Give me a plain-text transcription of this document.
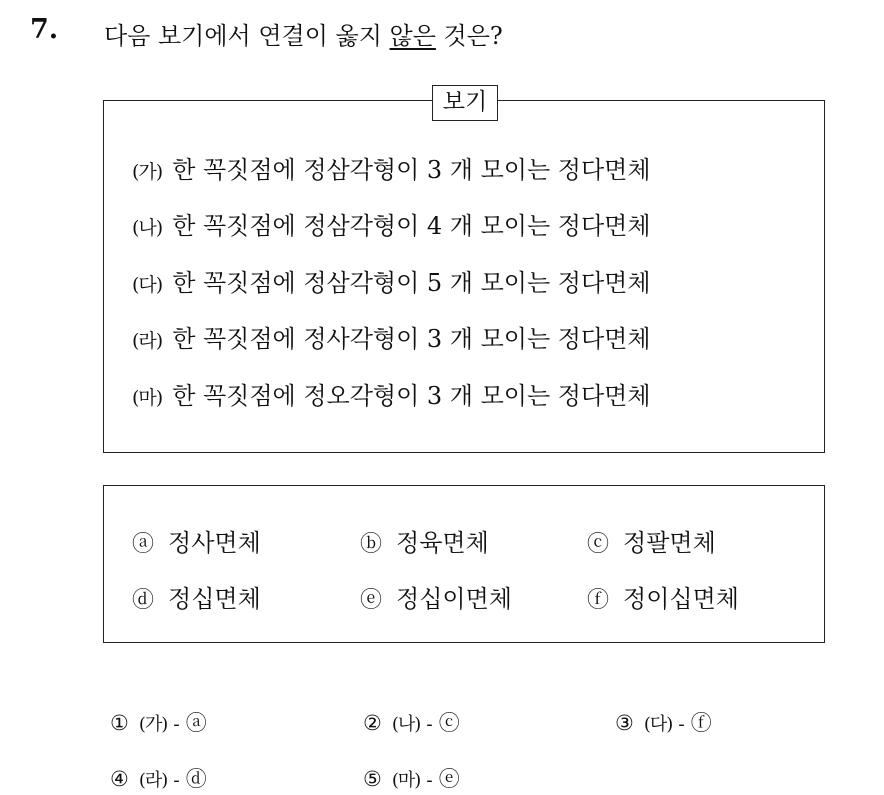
7. 다음 보기에서 연결이 옳지 않은 것은?
보기
(가) 한 꼭짓점에 정삼각형이 3 개 모이는 정다면체
(나) 한 꼭짓점에 정삼각형이 4 개 모이는 정다면체
(다) 한 꼭짓점에 정삼각형이 5 개 모이는 정다면체
(라) 한 꼭짓점에 정사각형이 3 개 모이는 정다면체
(마) 한 꼭짓점에 정오각형이 3 개 모이는 정다면체
ⓐ 정사면체	ⓑ 정육면체	ⓒ 정팔면체
ⓓ 정십면체	ⓔ 정십이면체	ⓕ 정이십면체
① (가) - ⓐ	② (나) - ⓒ	③ (다) - ⓕ
④ (라) - ⓓ	⑤ (마) - ⓔ
